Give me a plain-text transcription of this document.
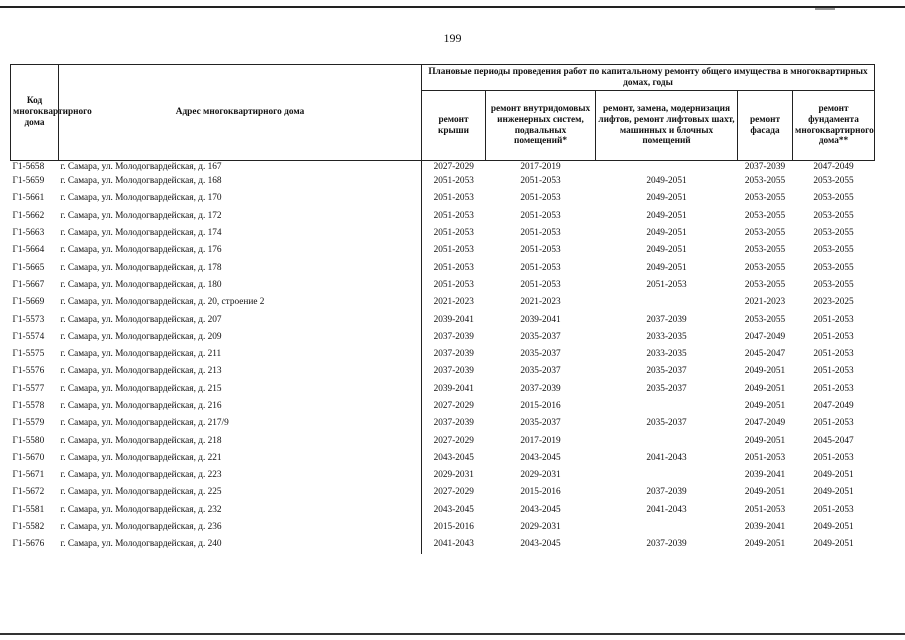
199
Код многоквартирного дома	Адрес многоквартирного дома	Плановые периоды проведения работ по капитальному ремонту общего имущества в многоквартирных домах, годы				
		ремонт крыши	ремонт внутридомовых инженерных систем, подвальных помещений*	ремонт, замена, модернизация лифтов, ремонт лифтовых шахт, машинных и блочных помещений	ремонт фасада	ремонт фундамента многоквартирного дома**
Г1-5658	г. Самара, ул. Молодогвардейская, д. 167	2027-2029	2017-2019		2037-2039	2047-2049
Г1-5659	г. Самара, ул. Молодогвардейская, д. 168	2051-2053	2051-2053	2049-2051	2053-2055	2053-2055
Г1-5661	г. Самара, ул. Молодогвардейская, д. 170	2051-2053	2051-2053	2049-2051	2053-2055	2053-2055
Г1-5662	г. Самара, ул. Молодогвардейская, д. 172	2051-2053	2051-2053	2049-2051	2053-2055	2053-2055
Г1-5663	г. Самара, ул. Молодогвардейская, д. 174	2051-2053	2051-2053	2049-2051	2053-2055	2053-2055
Г1-5664	г. Самара, ул. Молодогвардейская, д. 176	2051-2053	2051-2053	2049-2051	2053-2055	2053-2055
Г1-5665	г. Самара, ул. Молодогвардейская, д. 178	2051-2053	2051-2053	2049-2051	2053-2055	2053-2055
Г1-5667	г. Самара, ул. Молодогвардейская, д. 180	2051-2053	2051-2053	2051-2053	2053-2055	2053-2055
Г1-5669	г. Самара, ул. Молодогвардейская, д. 20, строение 2	2021-2023	2021-2023		2021-2023	2023-2025
Г1-5573	г. Самара, ул. Молодогвардейская, д. 207	2039-2041	2039-2041	2037-2039	2053-2055	2051-2053
Г1-5574	г. Самара, ул. Молодогвардейская, д. 209	2037-2039	2035-2037	2033-2035	2047-2049	2051-2053
Г1-5575	г. Самара, ул. Молодогвардейская, д. 211	2037-2039	2035-2037	2033-2035	2045-2047	2051-2053
Г1-5576	г. Самара, ул. Молодогвардейская, д. 213	2037-2039	2035-2037	2035-2037	2049-2051	2051-2053
Г1-5577	г. Самара, ул. Молодогвардейская, д. 215	2039-2041	2037-2039	2035-2037	2049-2051	2051-2053
Г1-5578	г. Самара, ул. Молодогвардейская, д. 216	2027-2029	2015-2016		2049-2051	2047-2049
Г1-5579	г. Самара, ул. Молодогвардейская, д. 217/9	2037-2039	2035-2037	2035-2037	2047-2049	2051-2053
Г1-5580	г. Самара, ул. Молодогвардейская, д. 218	2027-2029	2017-2019		2049-2051	2045-2047
Г1-5670	г. Самара, ул. Молодогвардейская, д. 221	2043-2045	2043-2045	2041-2043	2051-2053	2051-2053
Г1-5671	г. Самара, ул. Молодогвардейская, д. 223	2029-2031	2029-2031		2039-2041	2049-2051
Г1-5672	г. Самара, ул. Молодогвардейская, д. 225	2027-2029	2015-2016	2037-2039	2049-2051	2049-2051
Г1-5581	г. Самара, ул. Молодогвардейская, д. 232	2043-2045	2043-2045	2041-2043	2051-2053	2051-2053
Г1-5582	г. Самара, ул. Молодогвардейская, д. 236	2015-2016	2029-2031		2039-2041	2049-2051
Г1-5676	г. Самара, ул. Молодогвардейская, д. 240	2041-2043	2043-2045	2037-2039	2049-2051	2049-2051
